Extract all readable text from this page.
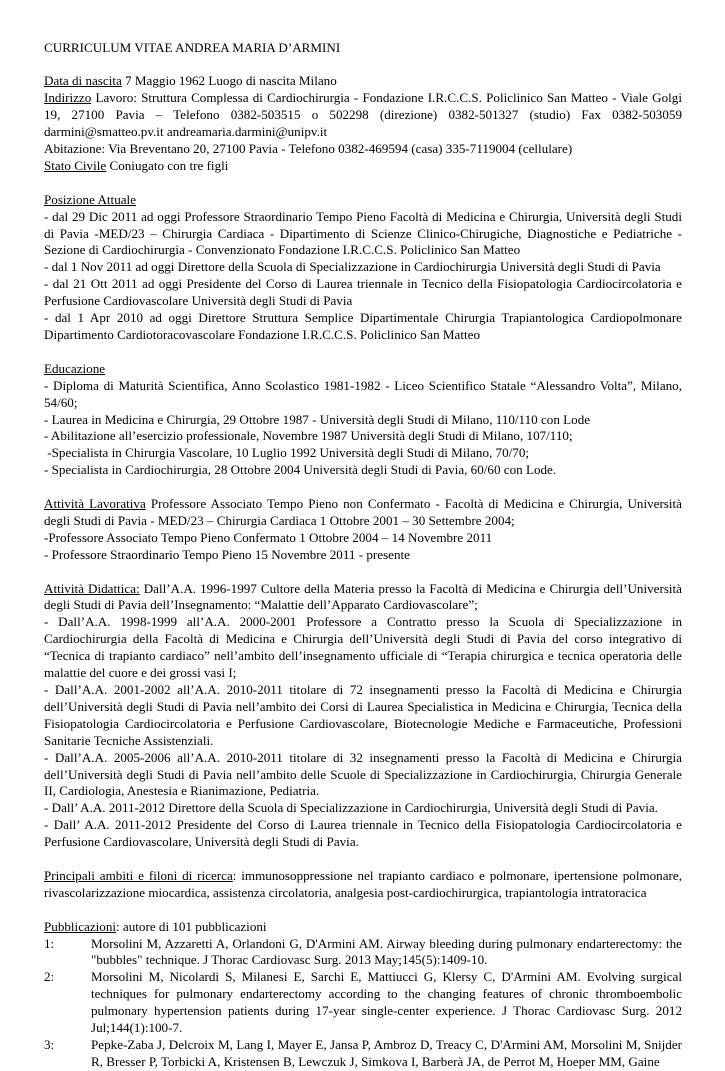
CURRICULUM VITAE ANDREA MARIA D’ARMINI

Data di nascita 7 Maggio 1962 Luogo di nascita Milano

Indirizzo Lavoro: Struttura Complessa di Cardiochirurgia - Fondazione I.R.C.C.S. Policlinico San Matteo - Viale Golgi 19, 27100 Pavia – Telefono 0382-503515 o 502298 (direzione) 0382-501327 (studio) Fax 0382-503059 darmini@smatteo.pv.it andreamaria.darmini@unipv.it

Abitazione: Via Breventano 20, 27100 Pavia - Telefono 0382-469594 (casa) 335-7119004 (cellulare)

Stato Civile Coniugato con tre figli

Posizione Attuale

- dal 29 Dic 2011 ad oggi Professore Straordinario Tempo Pieno Facoltà di Medicina e Chirurgia, Università degli Studi di Pavia -MED/23 – Chirurgia Cardiaca - Dipartimento di Scienze Clinico-Chirugiche, Diagnostiche e Pediatriche - Sezione di Cardiochirurgia - Convenzionato Fondazione I.R.C.C.S. Policlinico San Matteo

- dal 1 Nov 2011 ad oggi Direttore della Scuola di Specializzazione in Cardiochirurgia Università degli Studi di Pavia

- dal 21 Ott 2011 ad oggi Presidente del Corso di Laurea triennale in Tecnico della Fisiopatologia Cardiocircolatoria e Perfusione Cardiovascolare Università degli Studi di Pavia

- dal 1 Apr 2010 ad oggi Direttore Struttura Semplice Dipartimentale Chirurgia Trapiantologica Cardiopolmonare Dipartimento Cardiotoracovascolare Fondazione I.R.C.C.S. Policlinico San Matteo

Educazione

- Diploma di Maturità Scientifica, Anno Scolastico 1981-1982 - Liceo Scientifico Statale “Alessandro Volta”, Milano, 54/60;

- Laurea in Medicina e Chirurgia, 29 Ottobre 1987 - Università degli Studi di Milano, 110/110 con Lode

- Abilitazione all’esercizio professionale, Novembre 1987 Università degli Studi di Milano, 107/110;

-Specialista in Chirurgia Vascolare, 10 Luglio 1992 Università degli Studi di Milano, 70/70;

- Specialista in Cardiochirurgia, 28 Ottobre 2004 Università degli Studi di Pavia, 60/60 con Lode.

Attività Lavorativa Professore Associato Tempo Pieno non Confermato - Facoltà di Medicina e Chirurgia, Università degli Studi di Pavia - MED/23 – Chirurgia Cardiaca 1 Ottobre 2001 – 30 Settembre 2004;

-Professore Associato Tempo Pieno Confermato 1 Ottobre 2004 – 14 Novembre 2011

- Professore Straordinario Tempo Pieno 15 Novembre 2011 - presente

Attività Didattica: Dall’A.A. 1996-1997 Cultore della Materia presso la Facoltà di Medicina e Chirurgia dell’Università degli Studi di Pavia dell’Insegnamento: “Malattie dell’Apparato Cardiovascolare”;

- Dall’A.A. 1998-1999 all’A.A. 2000-2001 Professore a Contratto presso la Scuola di Specializzazione in Cardiochirurgia della Facoltà di Medicina e Chirurgia dell’Università degli Studi di Pavia del corso integrativo di “Tecnica di trapianto cardiaco” nell’ambito dell’insegnamento ufficiale di “Terapia chirurgica e tecnica operatoria delle malattie del cuore e dei grossi vasi I;

- Dall’A.A. 2001-2002 all’A.A. 2010-2011 titolare di 72 insegnamenti presso la Facoltà di Medicina e Chirurgia dell’Università degli Studi di Pavia nell’ambito dei Corsi di Laurea Specialistica in Medicina e Chirurgia, Tecnica della Fisiopatologia Cardiocircolatoria e Perfusione Cardiovascolare, Biotecnologie Mediche e Farmaceutiche, Professioni Sanitarie Tecniche Assistenziali.

- Dall’A.A. 2005-2006 all’A.A. 2010-2011 titolare di 32 insegnamenti presso la Facoltà di Medicina e Chirurgia dell’Università degli Studi di Pavia nell’ambito delle Scuole di Specializzazione in Cardiochirurgia, Chirurgia Generale II, Cardiologia, Anestesia e Rianimazione, Pediatria.

- Dall’ A.A. 2011-2012 Direttore della Scuola di Specializzazione in Cardiochirurgia, Università degli Studi di Pavia.

- Dall’ A.A. 2011-2012 Presidente del Corso di Laurea triennale in Tecnico della Fisiopatologia Cardiocircolatoria e Perfusione Cardiovascolare, Università degli Studi di Pavia.

Principali ambiti e filoni di ricerca: immunosoppressione nel trapianto cardiaco e polmonare, ipertensione polmonare, rivascolarizzazione miocardica, assistenza circolatoria, analgesia post-cardiochirurgica, trapiantologia intratoracica

Pubblicazioni: autore di 101 pubblicazioni

1:	Morsolini M, Azzaretti A, Orlandoni G, D'Armini AM. Airway bleeding during pulmonary endarterectomy: the "bubbles" technique. J Thorac Cardiovasc Surg. 2013 May;145(5):1409-10.
2:	Morsolini M, Nicolardi S, Milanesi E, Sarchi E, Mattiucci G, Klersy C, D'Armini AM. Evolving surgical techniques for pulmonary endarterectomy according to the changing features of chronic thromboembolic pulmonary hypertension patients during 17-year single-center experience. J Thorac Cardiovasc Surg. 2012 Jul;144(1):100-7.
3:	Pepke-Zaba J, Delcroix M, Lang I, Mayer E, Jansa P, Ambroz D, Treacy C, D'Armini AM, Morsolini M, Snijder R, Bresser P, Torbicki A, Kristensen B, Lewczuk J, Simkova I, Barberà JA, de Perrot M, Hoeper MM, Gaine
